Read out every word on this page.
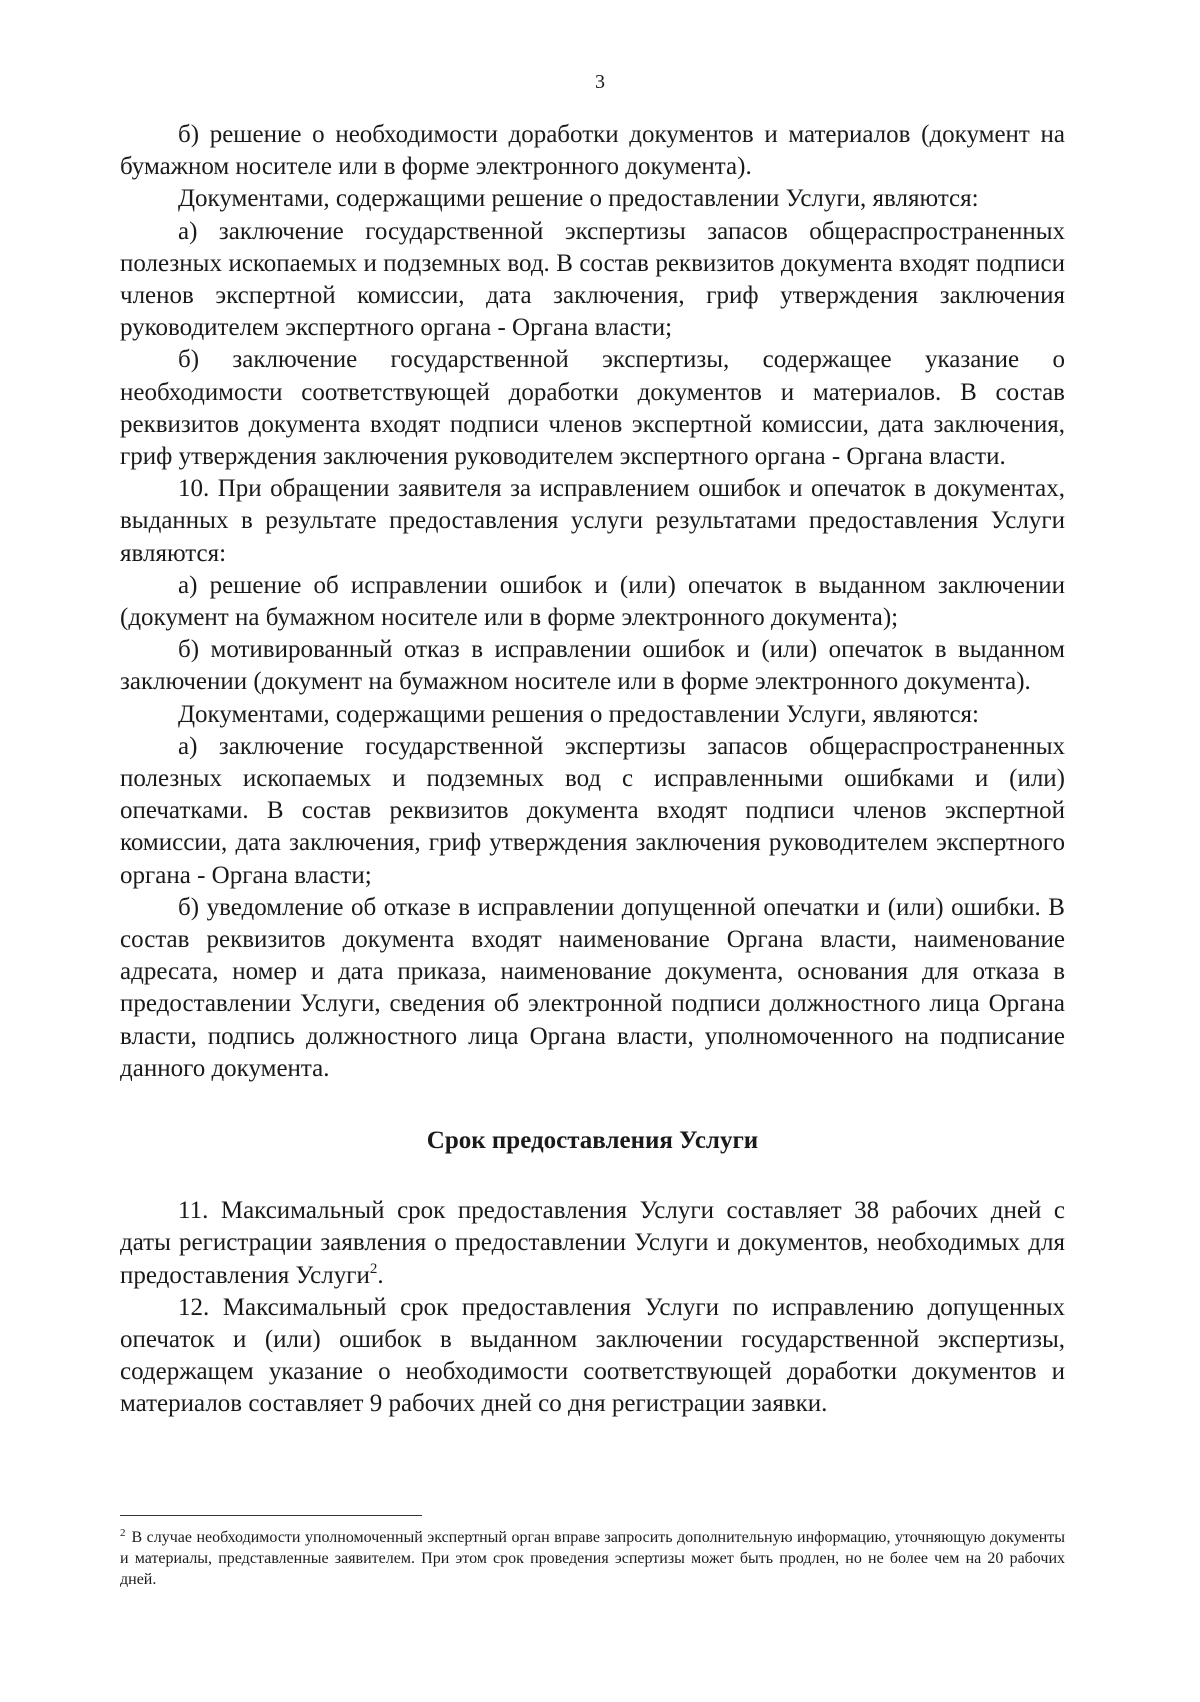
3

б) решение о необходимости доработки документов и материалов (документ на бумажном носителе или в форме электронного документа).

Документами, содержащими решение о предоставлении Услуги, являются:

а) заключение государственной экспертизы запасов общераспространенных полезных ископаемых и подземных вод. В состав реквизитов документа входят подписи членов экспертной комиссии, дата заключения, гриф утверждения заключения руководителем экспертного органа - Органа власти;

б) заключение государственной экспертизы, содержащее указание о необходимости соответствующей доработки документов и материалов. В состав реквизитов документа входят подписи членов экспертной комиссии, дата заключения, гриф утверждения заключения руководителем экспертного органа - Органа власти.

10. При обращении заявителя за исправлением ошибок и опечаток в документах, выданных в результате предоставления услуги результатами предоставления Услуги являются:

а) решение об исправлении ошибок и (или) опечаток в выданном заключении (документ на бумажном носителе или в форме электронного документа);

б) мотивированный отказ в исправлении ошибок и (или) опечаток в выданном заключении (документ на бумажном носителе или в форме электронного документа).

Документами, содержащими решения о предоставлении Услуги, являются:

а) заключение государственной экспертизы запасов общераспространенных полезных ископаемых и подземных вод с исправленными ошибками и (или) опечатками. В состав реквизитов документа входят подписи членов экспертной комиссии, дата заключения, гриф утверждения заключения руководителем экспертного органа - Органа власти;

б) уведомление об отказе в исправлении допущенной опечатки и (или) ошибки. В состав реквизитов документа входят наименование Органа власти, наименование адресата, номер и дата приказа, наименование документа, основания для отказа в предоставлении Услуги, сведения об электронной подписи должностного лица Органа власти, подпись должностного лица Органа власти, уполномоченного на подписание данного документа.

Срок предоставления Услуги

11. Максимальный срок предоставления Услуги составляет 38 рабочих дней с даты регистрации заявления о предоставлении Услуги и документов, необходимых для предоставления Услуги$^2$.

12. Максимальный срок предоставления Услуги по исправлению допущенных опечаток и (или) ошибок в выданном заключении государственной экспертизы, содержащем указание о необходимости соответствующей доработки документов и материалов составляет 9 рабочих дней со дня регистрации заявки.

$^2$ В случае необходимости уполномоченный экспертный орган вправе запросить дополнительную информацию, уточняющую документы и материалы, представленные заявителем. При этом срок проведения эспертизы может быть продлен, но не более чем на 20 рабочих дней.
